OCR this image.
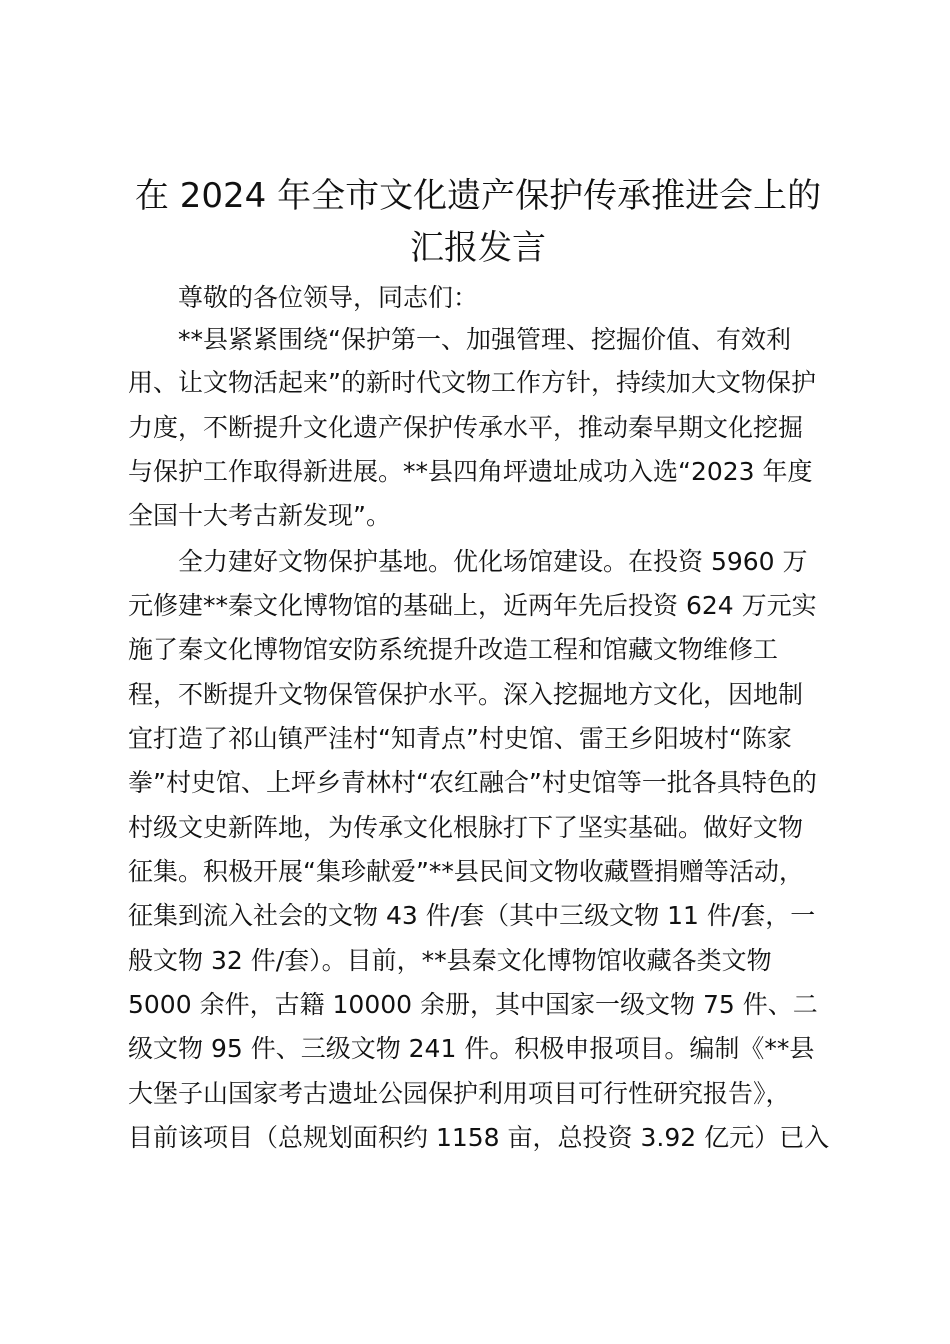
在 2024 年全市文化遗产保护传承推进会上的
汇报发言

尊敬的各位领导，同志们：

**县紧紧围绕“保护第一、加强管理、挖掘价值、有效利

用、让文物活起来”的新时代文物工作方针，持续加大文物保护

力度，不断提升文化遗产保护传承水平，推动秦早期文化挖掘

与保护工作取得新进展。**县四角坪遗址成功入选“2023 年度

全国十大考古新发现”。

全力建好文物保护基地。优化场馆建设。在投资 5960 万

元修建**秦文化博物馆的基础上，近两年先后投资 624 万元实

施了秦文化博物馆安防系统提升改造工程和馆藏文物维修工

程，不断提升文物保管保护水平。深入挖掘地方文化，因地制

宜打造了祁山镇严洼村“知青点”村史馆、雷王乡阳坡村“陈家

拳”村史馆、上坪乡青林村“农红融合”村史馆等一批各具特色的

村级文史新阵地，为传承文化根脉打下了坚实基础。做好文物

征集。积极开展“集珍献爱”**县民间文物收藏暨捐赠等活动，

征集到流入社会的文物 43 件/套（其中三级文物 11 件/套，一

般文物 32 件/套）。目前，**县秦文化博物馆收藏各类文物

5000 余件，古籍 10000 余册，其中国家一级文物 75 件、二

级文物 95 件、三级文物 241 件。积极申报项目。编制《**县

大堡子山国家考古遗址公园保护利用项目可行性研究报告》，

目前该项目（总规划面积约 1158 亩，总投资 3.92 亿元）已入
